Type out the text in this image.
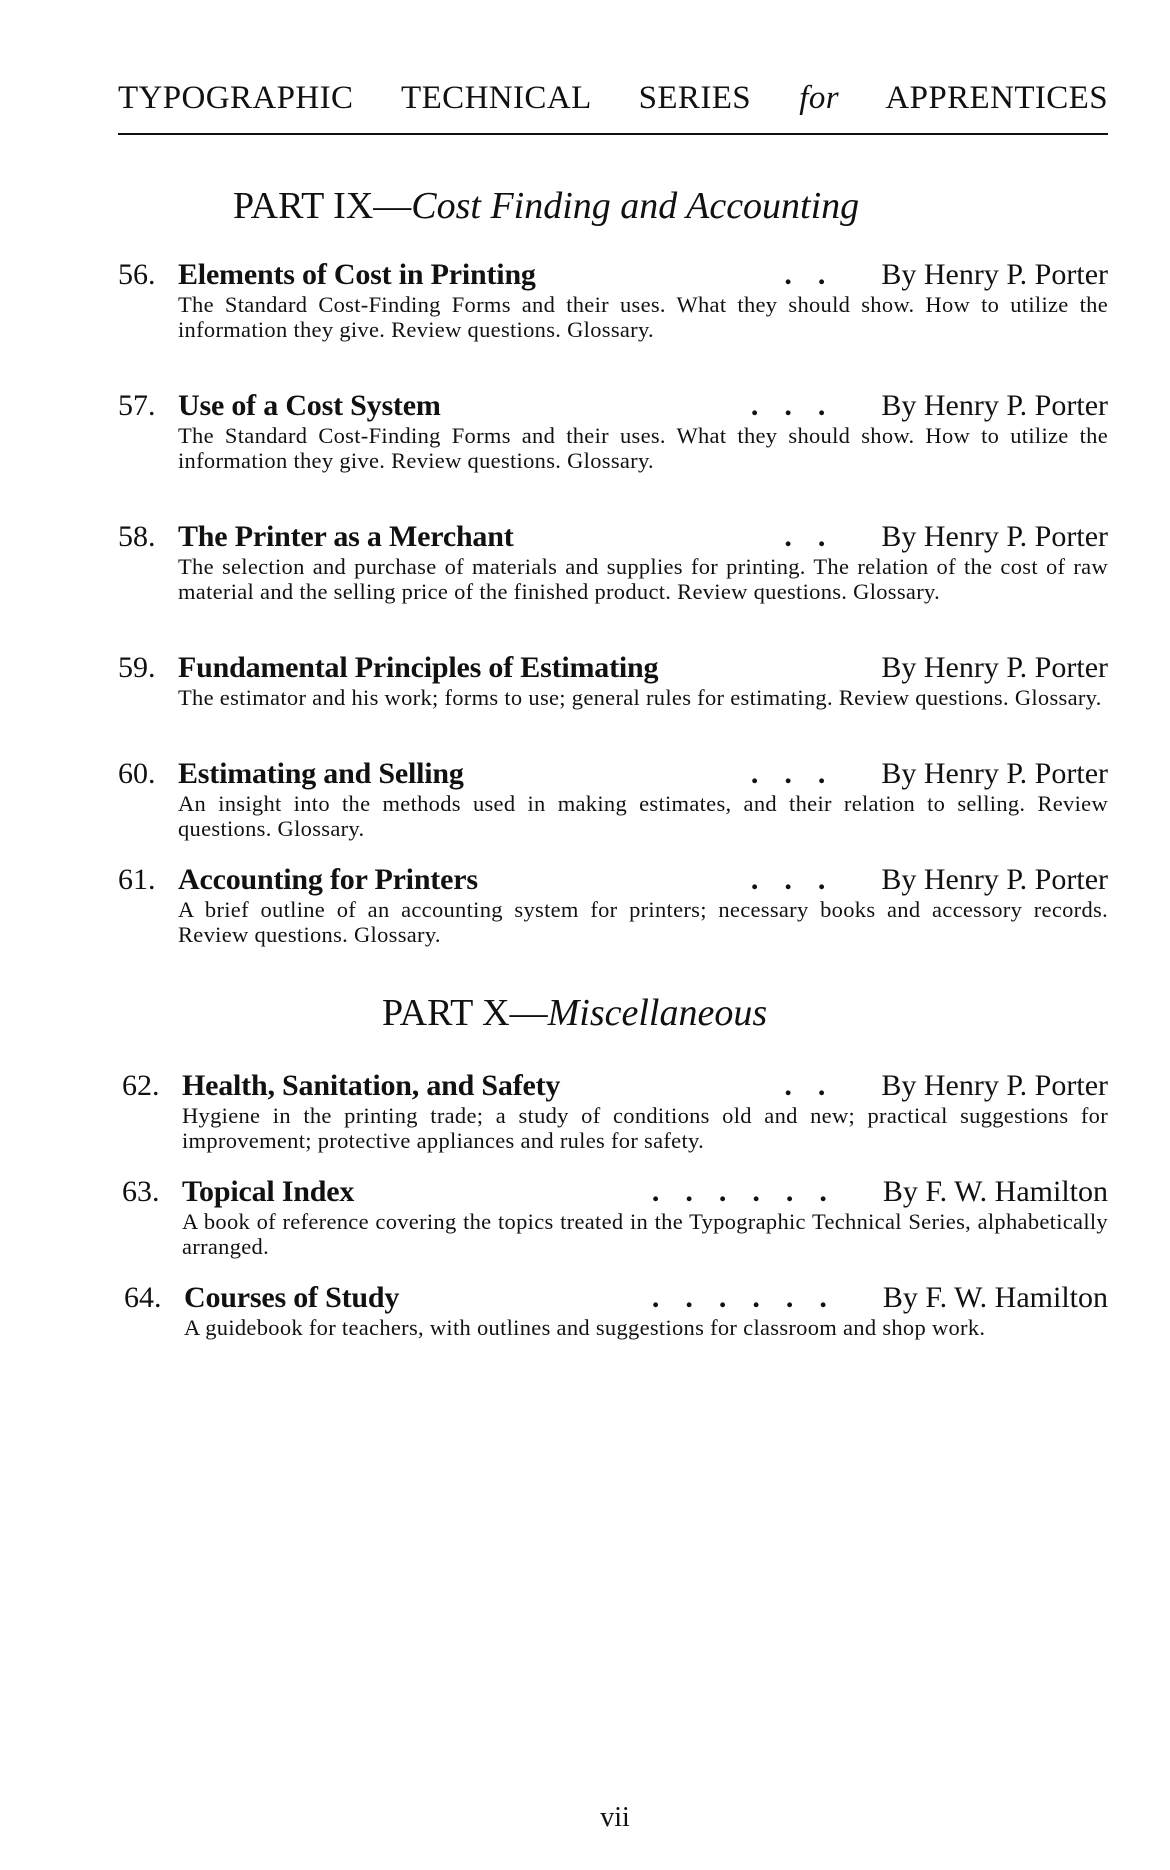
TYPOGRAPHIC TECHNICAL SERIES for APPRENTICES
PART IX—Cost Finding and Accounting
56. Elements of Cost in Printing	..	By Henry P. Porter
The Standard Cost-Finding Forms and their uses. What they should show. How to utilize the information they give. Review questions. Glossary.
57. Use of a Cost System	...	By Henry P. Porter
The Standard Cost-Finding Forms and their uses. What they should show. How to utilize the information they give. Review questions. Glossary.
58. The Printer as a Merchant	..	By Henry P. Porter
The selection and purchase of materials and supplies for printing. The relation of the cost of raw material and the selling price of the finished product. Review questions. Glossary.
59. Fundamental Principles of Estimating	By Henry P. Porter
The estimator and his work; forms to use; general rules for estimating. Review questions. Glossary.
60. Estimating and Selling	...	By Henry P. Porter
An insight into the methods used in making estimates, and their relation to selling. Review questions. Glossary.
61. Accounting for Printers	...	By Henry P. Porter
A brief outline of an accounting system for printers; necessary books and accessory records. Review questions. Glossary.
PART X—Miscellaneous
62. Health, Sanitation, and Safety	..	By Henry P. Porter
Hygiene in the printing trade; a study of conditions old and new; practical suggestions for improvement; protective appliances and rules for safety.
63. Topical Index	......	By F. W. Hamilton
A book of reference covering the topics treated in the Typographic Technical Series, alphabetically arranged.
64. Courses of Study	......	By F. W. Hamilton
A guidebook for teachers, with outlines and suggestions for classroom and shop work.
vii
